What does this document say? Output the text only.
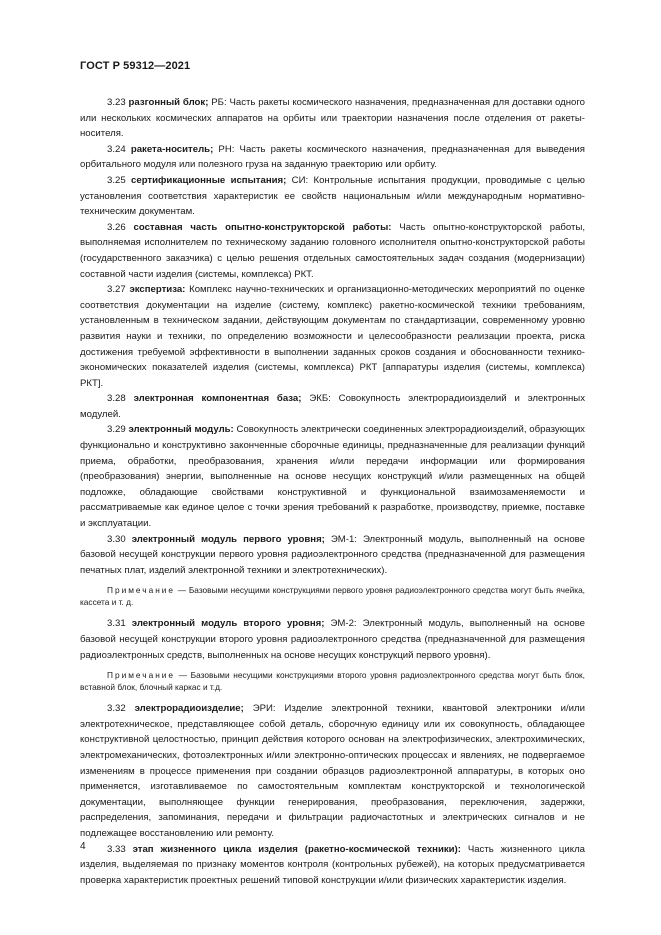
ГОСТ Р 59312—2021

3.23 разгонный блок; РБ: Часть ракеты космического назначения, предназначенная для доставки одного или нескольких космических аппаратов на орбиты или траектории назначения после отделения от ракеты-носителя.

3.24 ракета-носитель; РН: Часть ракеты космического назначения, предназначенная для выведения орбитального модуля или полезного груза на заданную траекторию или орбиту.

3.25 сертификационные испытания; СИ: Контрольные испытания продукции, проводимые с целью установления соответствия характеристик ее свойств национальным и/или международным нормативно-техническим документам.

3.26 составная часть опытно-конструкторской работы: Часть опытно-конструкторской работы, выполняемая исполнителем по техническому заданию головного исполнителя опытно-конструкторской работы (государственного заказчика) с целью решения отдельных самостоятельных задач создания (модернизации) составной части изделия (системы, комплекса) РКТ.

3.27 экспертиза: Комплекс научно-технических и организационно-методических мероприятий по оценке соответствия документации на изделие (систему, комплекс) ракетно-космической техники требованиям, установленным в техническом задании, действующим документам по стандартизации, современному уровню развития науки и техники, по определению возможности и целесообразности реализации проекта, риска достижения требуемой эффективности в выполнении заданных сроков создания и обоснованности технико-экономических показателей изделия (системы, комплекса) РКТ [аппаратуры изделия (системы, комплекса) РКТ].

3.28 электронная компонентная база; ЭКБ: Совокупность электрорадиоизделий и электронных модулей.

3.29 электронный модуль: Совокупность электрически соединенных электрорадиоизделий, образующих функционально и конструктивно законченные сборочные единицы, предназначенные для реализации функций приема, обработки, преобразования, хранения и/или передачи информации или формирования (преобразования) энергии, выполненные на основе несущих конструкций и/или размещенных на общей подложке, обладающие свойствами конструктивной и функциональной взаимозаменяемости и рассматриваемые как единое целое с точки зрения требований к разработке, производству, приемке, поставке и эксплуатации.

3.30 электронный модуль первого уровня; ЭМ-1: Электронный модуль, выполненный на основе базовой несущей конструкции первого уровня радиоэлектронного средства (предназначенной для размещения печатных плат, изделий электронной техники и электротехнических).

Примечание — Базовыми несущими конструкциями первого уровня радиоэлектронного средства могут быть ячейка, кассета и т. д.

3.31 электронный модуль второго уровня; ЭМ-2: Электронный модуль, выполненный на основе базовой несущей конструкции второго уровня радиоэлектронного средства (предназначенной для размещения радиоэлектронных средств, выполненных на основе несущих конструкций первого уровня).

Примечание — Базовыми несущими конструкциями второго уровня радиоэлектронного средства могут быть блок, вставной блок, блочный каркас и т.д.

3.32 электрорадиоизделие; ЭРИ: Изделие электронной техники, квантовой электроники и/или электротехническое, представляющее собой деталь, сборочную единицу или их совокупность, обладающее конструктивной целостностью, принцип действия которого основан на электрофизических, электрохимических, электромеханических, фотоэлектронных и/или электронно-оптических процессах и явлениях, не подвергаемое изменениям в процессе применения при создании образцов радиоэлектронной аппаратуры, в которых оно применяется, изготавливаемое по самостоятельным комплектам конструкторской и технологической документации, выполняющее функции генерирования, преобразования, переключения, задержки, распределения, запоминания, передачи и фильтрации радиочастотных и электрических сигналов и не подлежащее восстановлению или ремонту.

3.33 этап жизненного цикла изделия (ракетно-космической техники): Часть жизненного цикла изделия, выделяемая по признаку моментов контроля (контрольных рубежей), на которых предусматривается проверка характеристик проектных решений типовой конструкции и/или физических характеристик изделия.

4
